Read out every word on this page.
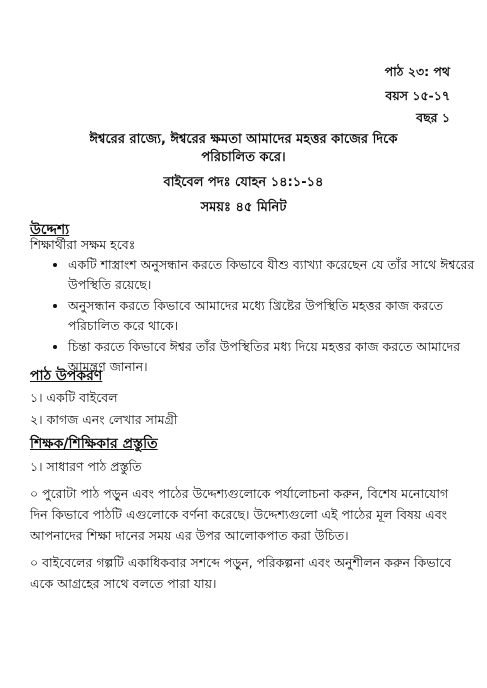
পাঠ ২৩: পথ
বয়স ১৫-১৭
বছর ১
ঈশ্বরের রাজ্যে, ঈশ্বরের ক্ষমতা আমাদের মহত্তর কাজের দিকে
পরিচালিত করে।
বাইবেল পদঃ যোহন ১৪:১-১৪
সময়ঃ ৪৫ মিনিট
উদ্দেশ্য
শিক্ষার্থীরা সক্ষম হবেঃ
• একটি শাস্ত্রাংশ অনুসন্ধান করতে কিভাবে যীশু ব্যাখ্যা করেছেন যে তাঁর সাথে ঈশ্বরের উপস্থিতি রয়েছে।
• অনুসন্ধান করতে কিভাবে আমাদের মধ্যে খ্রিষ্টের উপস্থিতি মহত্তর কাজ করতে পরিচালিত করে থাকে।
• চিন্তা করতে কিভাবে ঈশ্বর তাঁর উপস্থিতির মধ্য দিয়ে মহত্তর কাজ করতে আমাদের আমন্ত্রণ জানান।
পাঠ উপকরণ
১। একটি বাইবেল
২। কাগজ এনং লেখার সামগ্রী
শিক্ষক/শিক্ষিকার প্রস্তুতি
১। সাধারণ পাঠ প্রস্তুতি

০ পুরোটা পাঠ পড়ুন এবং পাঠের উদ্দেশ্যগুলোকে পর্যালোচনা করুন, বিশেষ মনোযোগ দিন কিভাবে পাঠটি এগুলোকে বর্ণনা করেছে। উদ্দেশ্যগুলো এই পাঠের মূল বিষয় এবং আপনাদের শিক্ষা দানের সময় এর উপর আলোকপাত করা উচিত।

০ বাইবেলের গল্পটি একাধিকবার সশব্দে পড়ুন, পরিকল্পনা এবং অনুশীলন করুন কিভাবে একে আগ্রহের সাথে বলতে পারা যায়।
